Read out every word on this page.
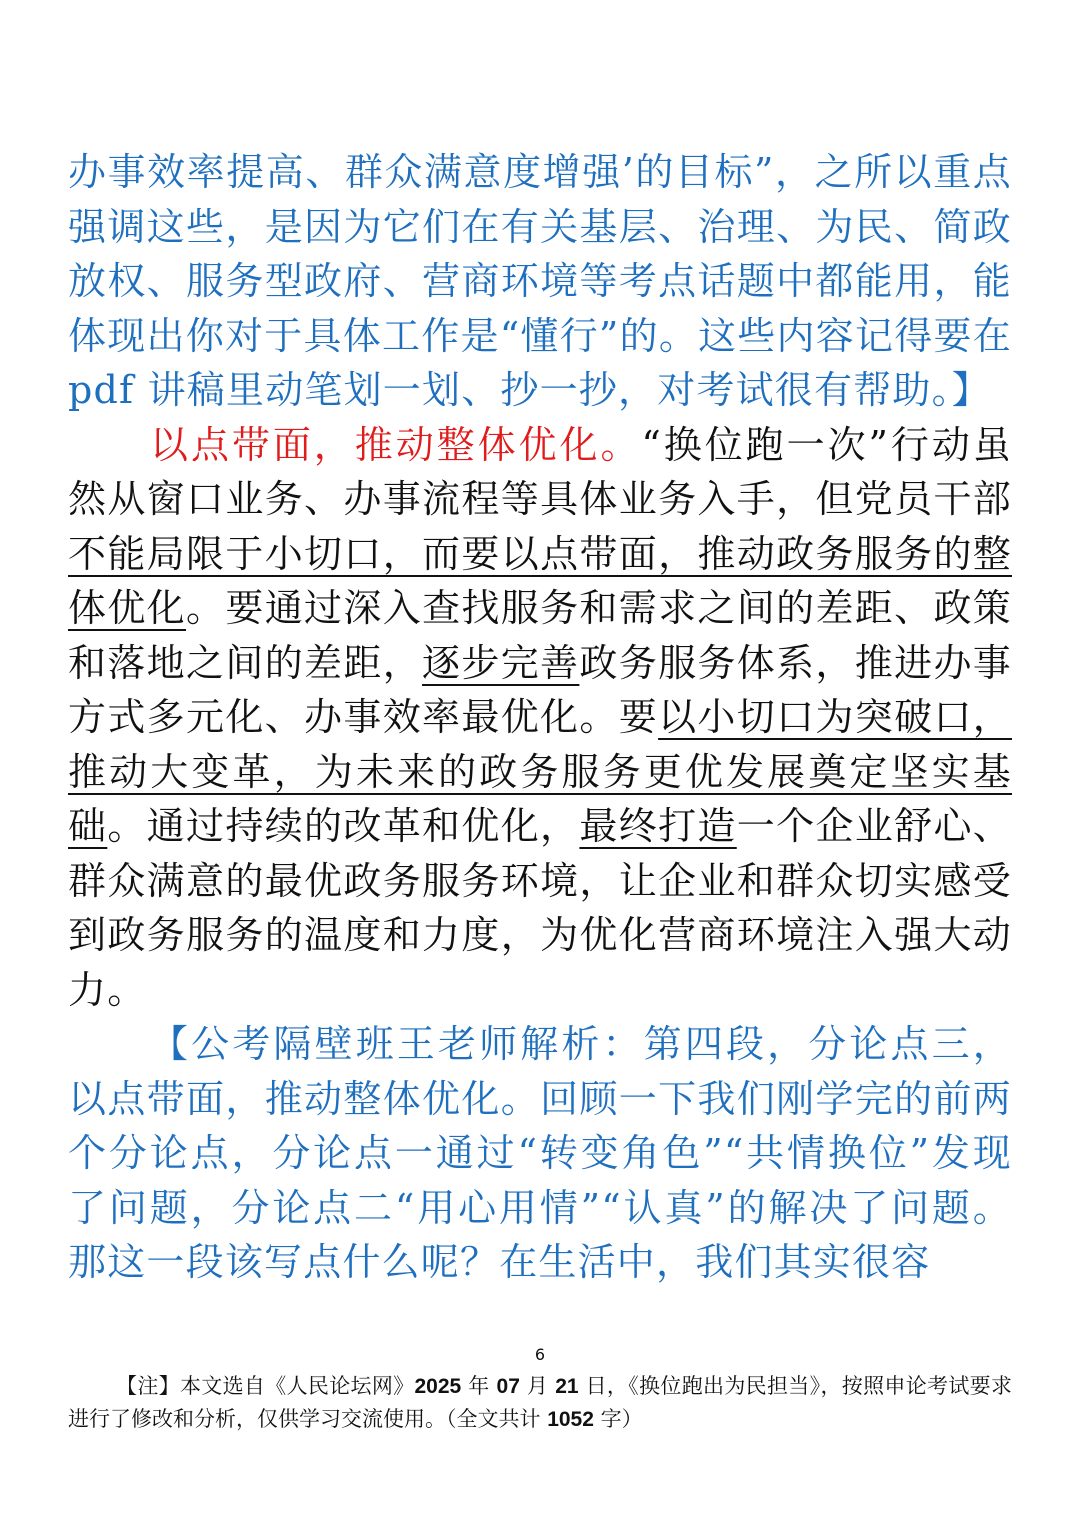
办事效率提高、群众满意度增强’的目标”，之所以重点强调这些，是因为它们在有关基层、治理、为民、简政放权、服务型政府、营商环境等考点话题中都能用，能体现出你对于具体工作是“懂行”的。这些内容记得要在 pdf 讲稿里动笔划一划、抄一抄，对考试很有帮助。】

以点带面，推动整体优化。“换位跑一次”行动虽然从窗口业务、办事流程等具体业务入手，但党员干部不能局限于小切口，而要以点带面，推动政务服务的整体优化。要通过深入查找服务和需求之间的差距、政策和落地之间的差距，逐步完善政务服务体系，推进办事方式多元化、办事效率最优化。要以小切口为突破口，推动大变革，为未来的政务服务更优发展奠定坚实基础。通过持续的改革和优化，最终打造一个企业舒心、群众满意的最优政务服务环境，让企业和群众切实感受到政务服务的温度和力度，为优化营商环境注入强大动力。

【公考隔壁班王老师解析：第四段，分论点三，以点带面，推动整体优化。回顾一下我们刚学完的前两个分论点，分论点一通过“转变角色”“共情换位”发现了问题，分论点二“用心用情”“认真”的解决了问题。那这一段该写点什么呢？在生活中，我们其实很容

6
【注】本文选自《人民论坛网》2025 年 07 月 21 日，《换位跑出为民担当》，按照申论考试要求进行了修改和分析，仅供学习交流使用。（全文共计 1052 字）
